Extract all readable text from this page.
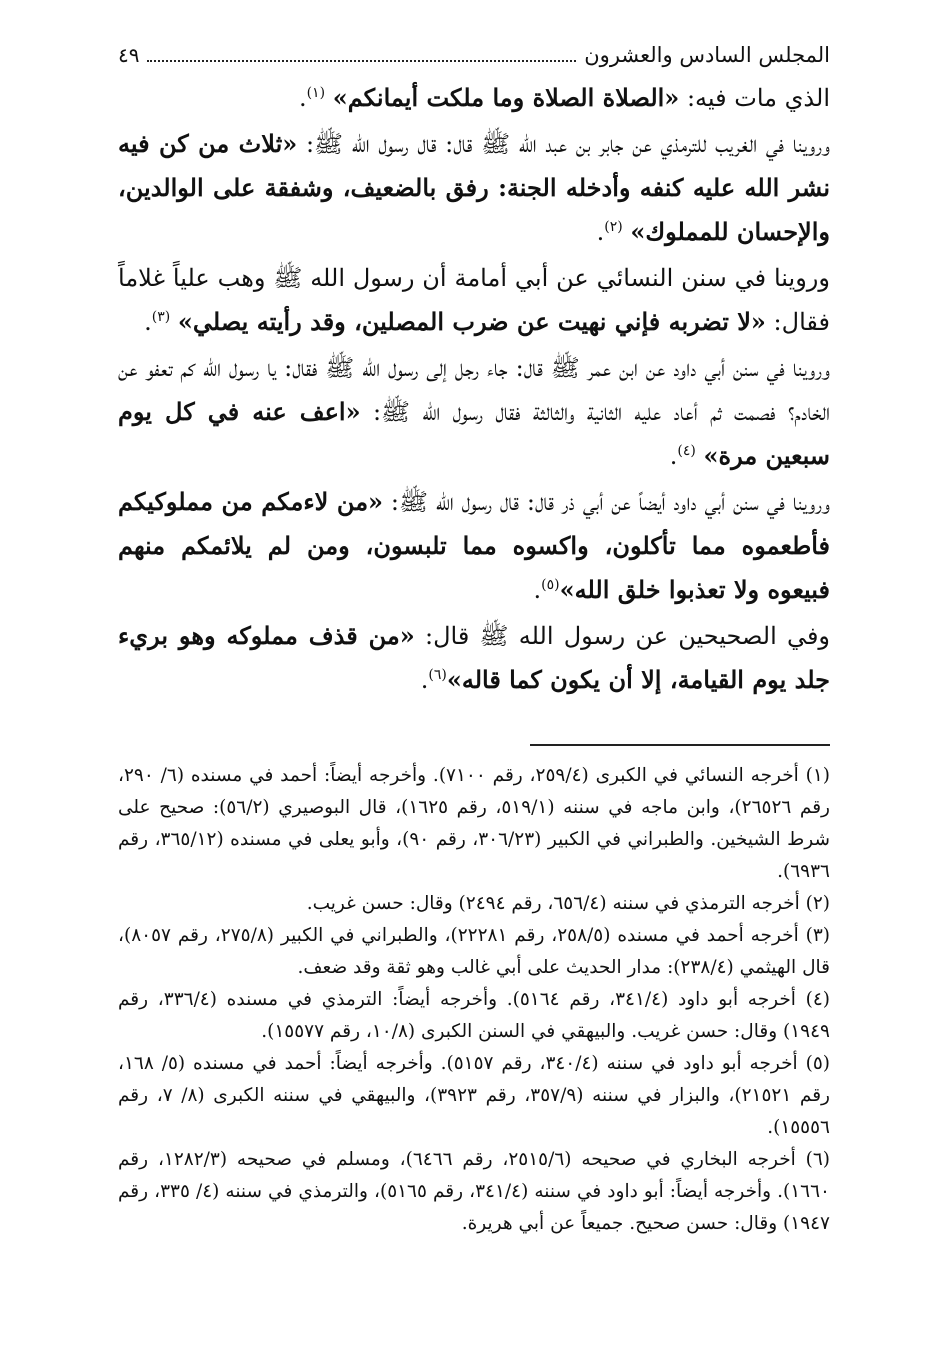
المجلس السادس والعشرون
٤٩

الذي مات فيه: «الصلاة الصلاة وما ملكت أيمانكم» $^{(١)}$.

وروينا في الغريب للترمذي عن جابر بن عبد الله ﷺ قال: قال رسول الله ﷺ: «ثلاث من كن فيه نشر الله عليه كنفه وأدخله الجنة: رفق بالضعيف، وشفقة على الوالدين، والإحسان للمملوك» $^{(٢)}$.

وروينا في سنن النسائي عن أبي أمامة أن رسول الله ﷺ وهب علياً غلاماً فقال: «لا تضربه فإني نهيت عن ضرب المصلين، وقد رأيته يصلي» $^{(٣)}$.

وروينا في سنن أبي داود عن ابن عمر ﷺ قال: جاء رجل إلى رسول الله ﷺ فقال: يا رسول الله كم تعفو عن الخادم؟ فصمت ثم أعاد عليه الثانية والثالثة فقال رسول الله ﷺ: «اعف عنه في كل يوم سبعين مرة» $^{(٤)}$.

وروينا في سنن أبي داود أيضاً عن أبي ذر قال: قال رسول الله ﷺ: «من لاءمكم من مملوكيكم فأطعموه مما تأكلون، واكسوه مما تلبسون، ومن لم يلائمكم منهم فبيعوه ولا تعذبوا خلق الله»$^{(٥)}$.

وفي الصحيحين عن رسول الله ﷺ قال: «من قذف مملوكه وهو بريء جلد يوم القيامة، إلا أن يكون كما قاله»$^{(٦)}$.

(١) أخرجه النسائي في الكبرى (٢٥٩/٤، رقم ٧١٠٠). وأخرجه أيضاً: أحمد في مسنده (٦/ ٢٩٠، رقم ٢٦٥٢٦)، وابن ماجه في سننه (٥١٩/١، رقم ١٦٢٥)، قال البوصيري (٥٦/٢): صحيح على شرط الشيخين. والطبراني في الكبير (٣٠٦/٢٣، رقم ٩٠)، وأبو يعلى في مسنده (٣٦٥/١٢، رقم ٦٩٣٦).

(٢) أخرجه الترمذي في سننه (٦٥٦/٤، رقم ٢٤٩٤) وقال: حسن غريب.

(٣) أخرجه أحمد في مسنده (٢٥٨/٥، رقم ٢٢٢٨١)، والطبراني في الكبير (٢٧٥/٨، رقم ٨٠٥٧)، قال الهيثمي (٢٣٨/٤): مدار الحديث على أبي غالب وهو ثقة وقد ضعف.

(٤) أخرجه أبو داود (٣٤١/٤، رقم ٥١٦٤). وأخرجه أيضاً: الترمذي في مسنده (٣٣٦/٤، رقم ١٩٤٩) وقال: حسن غريب. والبيهقي في السنن الكبرى (١٠/٨، رقم ١٥٥٧٧).

(٥) أخرجه أبو داود في سننه (٣٤٠/٤، رقم ٥١٥٧). وأخرجه أيضاً: أحمد في مسنده (٥/ ١٦٨، رقم ٢١٥٢١)، والبزار في سننه (٣٥٧/٩، رقم ٣٩٢٣)، والبيهقي في سننه الكبرى (٨/ ٧، رقم ١٥٥٥٦).

(٦) أخرجه البخاري في صحيحه (٢٥١٥/٦، رقم ٦٤٦٦)، ومسلم في صحيحه (١٢٨٢/٣، رقم ١٦٦٠). وأخرجه أيضاً: أبو داود في سننه (٣٤١/٤، رقم ٥١٦٥)، والترمذي في سننه (٤/ ٣٣٥، رقم ١٩٤٧) وقال: حسن صحيح. جميعاً عن أبي هريرة.
